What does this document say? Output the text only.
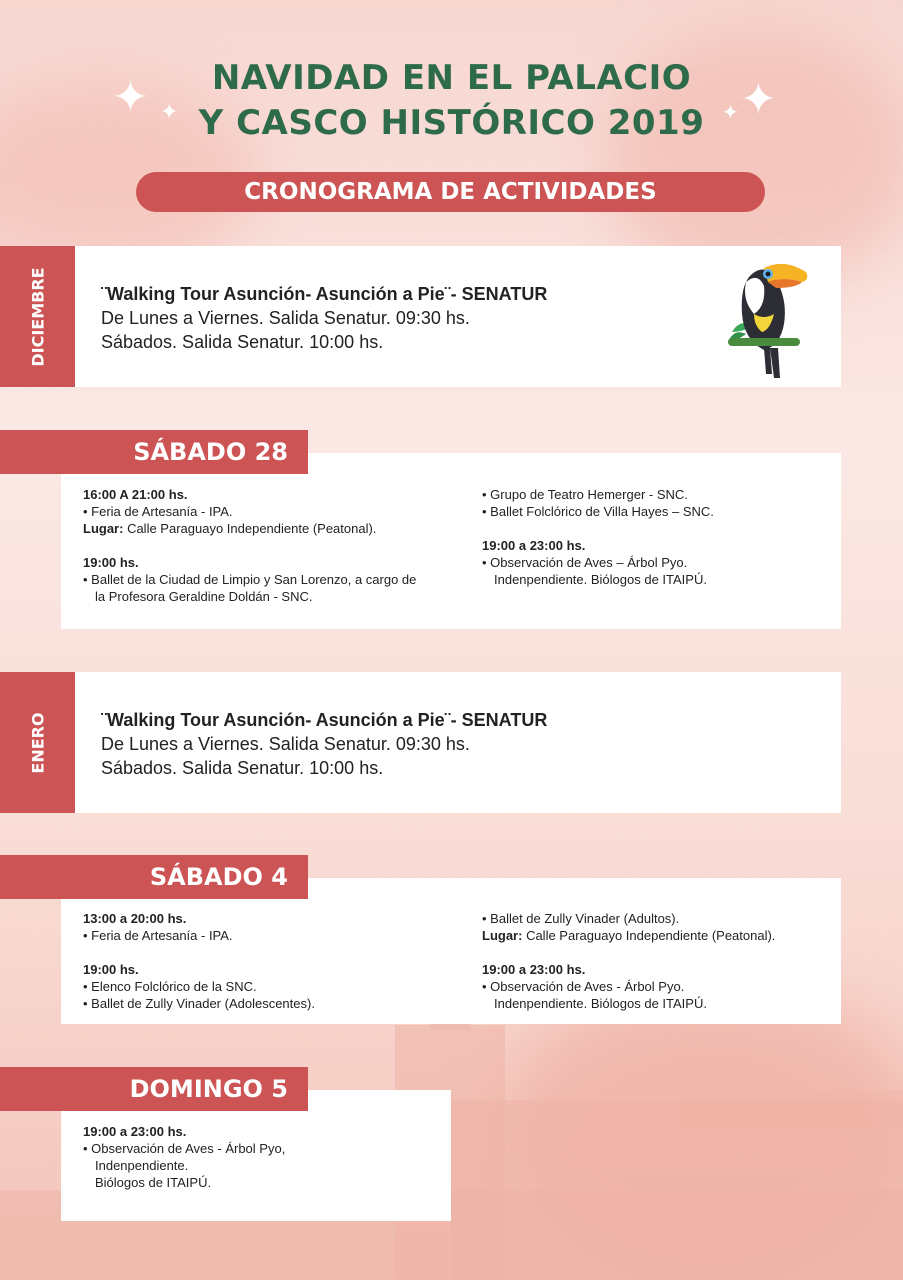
NAVIDAD EN EL PALACIO
Y CASCO HISTÓRICO 2019
✦ ✦	✦
✦
CRONOGRAMA DE ACTIVIDADES
DICIEMBRE	¨Walking Tour Asunción- Asunción a Pie¨- SENATUR
De Lunes a Viernes. Salida Senatur. 09:30 hs.
Sábados. Salida Senatur. 10:00 hs.
SÁBADO 28
16:00 A 21:00 hs.
• Feria de Artesanía - IPA.
Lugar: Calle Paraguayo Independiente (Peatonal).
19:00 hs.
• Ballet de la Ciudad de Limpio y San Lorenzo, a cargo de la Profesora Geraldine Doldán - SNC.
• Grupo de Teatro Hemerger - SNC.
• Ballet Folclórico de Villa Hayes – SNC.
19:00 a 23:00 hs.
• Observación de Aves – Árbol Pyo. Indenpendiente. Biólogos de ITAIPÚ.
ENERO	¨Walking Tour Asunción- Asunción a Pie¨- SENATUR
De Lunes a Viernes. Salida Senatur. 09:30 hs.
Sábados. Salida Senatur. 10:00 hs.
SÁBADO 4
13:00 a 20:00 hs.
• Feria de Artesanía - IPA.
19:00 hs.
• Elenco Folclórico de la SNC.
• Ballet de Zully Vinader (Adolescentes).
• Ballet de Zully Vinader (Adultos).
Lugar: Calle Paraguayo Independiente (Peatonal).
19:00 a 23:00 hs.
• Observación de Aves - Árbol Pyo. Indenpendiente. Biólogos de ITAIPÚ.
DOMINGO 5
19:00 a 23:00 hs.
• Observación de Aves - Árbol Pyo,
Indenpendiente.
Biólogos de ITAIPÚ.
